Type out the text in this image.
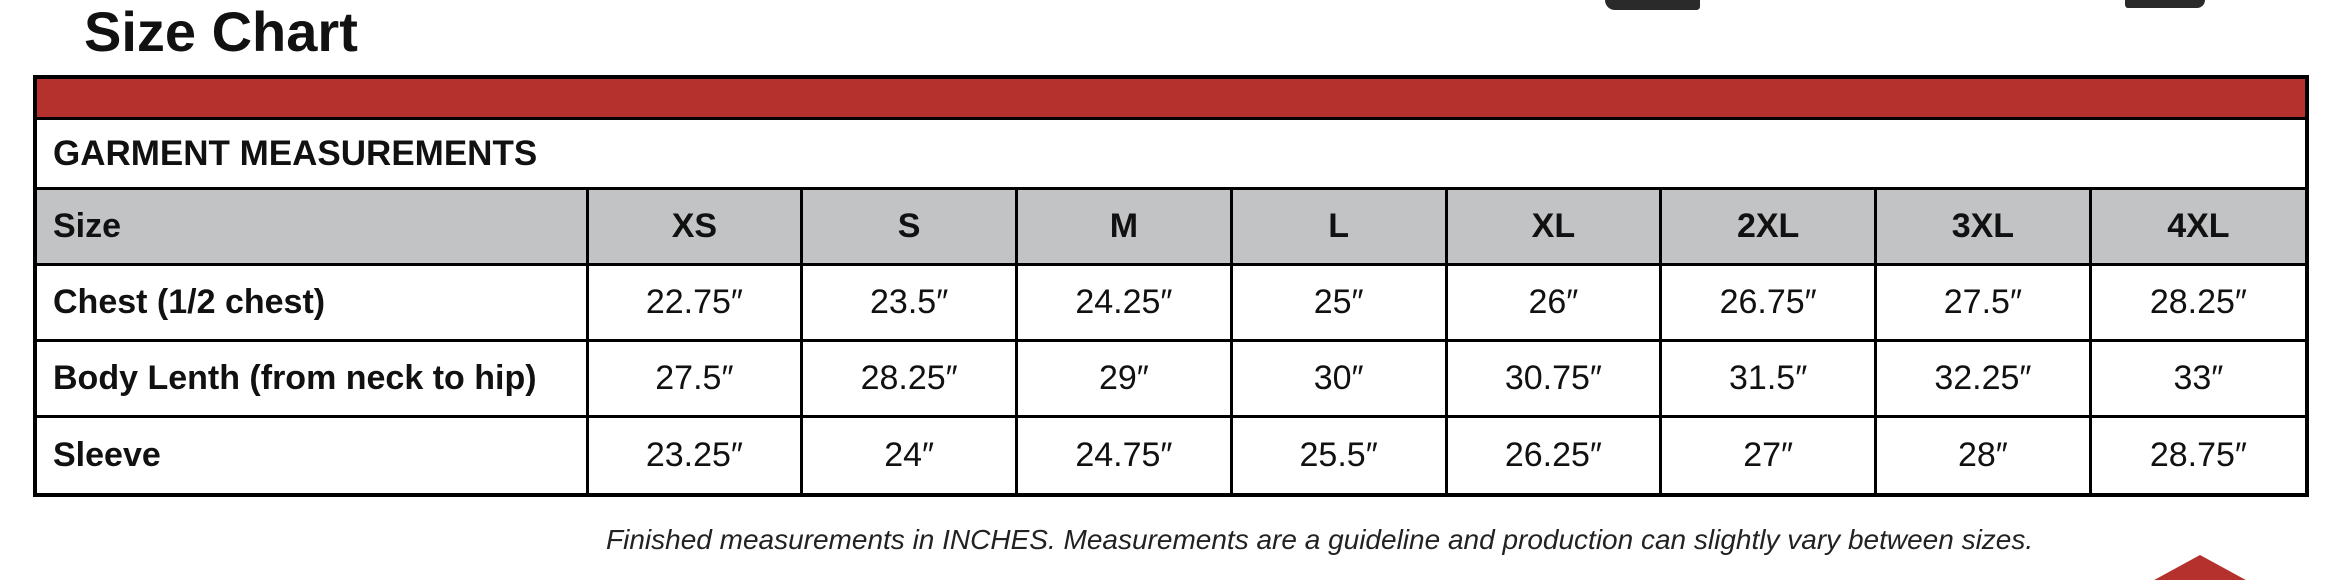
Size Chart
GARMENT MEASUREMENTS
Size	XS	S	M	L	XL	2XL	3XL	4XL
Chest (1/2 chest)	22.75″	23.5″	24.25″	25″	26″	26.75″	27.5″	28.25″
Body Lenth (from neck to hip)	27.5″	28.25″	29″	30″	30.75″	31.5″	32.25″	33″
Sleeve	23.25″	24″	24.75″	25.5″	26.25″	27″	28″	28.75″
Finished measurements in INCHES. Measurements are a guideline and production can slightly vary between sizes.
